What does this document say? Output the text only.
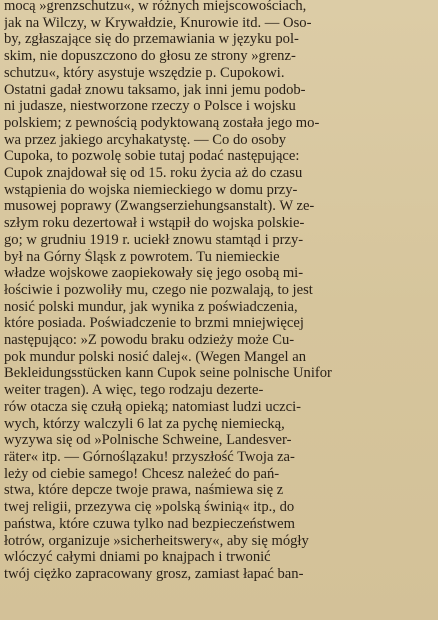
mocą »grenzschutzu«, w różnych miejscowościach,
jak na Wilczy, w Krywałdzie, Knurowie itd. — Oso-
by, zgłaszające się do przemawiania w języku pol-
skim, nie dopuszczono do głosu ze strony »grenz-
schutzu«, który asystuje wszędzie p. Cupokowi.
Ostatni gadał znowu taksamo, jak inni jemu podob-
ni judasze, niestworzone rzeczy o Polsce i wojsku
polskiem; z pewnością podyktowaną została jego mo-
wa przez jakiego arcyhakatystę. — Co do osoby
Cupoka, to pozwolę sobie tutaj podać następujące:
Cupok znajdował się od 15. roku życia aż do czasu
wstąpienia do wojska niemieckiego w domu przy-
musowej poprawy (Zwangserziehungsanstalt). W ze-
szłym roku dezertował i wstąpił do wojska polskie-
go; w grudniu 1919 r. uciekł znowu stamtąd i przy-
był na Górny Śląsk z powrotem. Tu niemieckie
władze wojskowe zaopiekowały się jego osobą mi-
łościwie i pozwoliły mu, czego nie pozwalają, to jest
nosić polski mundur, jak wynika z poświadczenia,
które posiada. Poświadczenie to brzmi mniejwięcej
następująco: »Z powodu braku odzieży może Cu-
pok mundur polski nosić dalej«. (Wegen Mangel an
Bekleidungsstücken kann Cupok seine polnische Unifor
weiter tragen). A więc, tego rodzaju dezerte-
rów otacza się czułą opieką; natomiast ludzi uczci-
wych, którzy walczyli 6 lat za pychę niemiecką,
wyzywa się od »Polnische Schweine, Landesver-
räter« itp. — Górnoślązaku! przyszłość Twoja za-
leży od ciebie samego! Chcesz należeć do pań-
stwa, które depcze twoje prawa, naśmiewa się z
twej religii, przezywa cię »polską świnią« itp., do
państwa, które czuwa tylko nad bezpieczeństwem
łotrów, organizuje »sicherheitswery«, aby się mógły
wlóczyć całymi dniami po knajpach i trwonić
twój ciężko zapracowany grosz, zamiast łapać ban-
